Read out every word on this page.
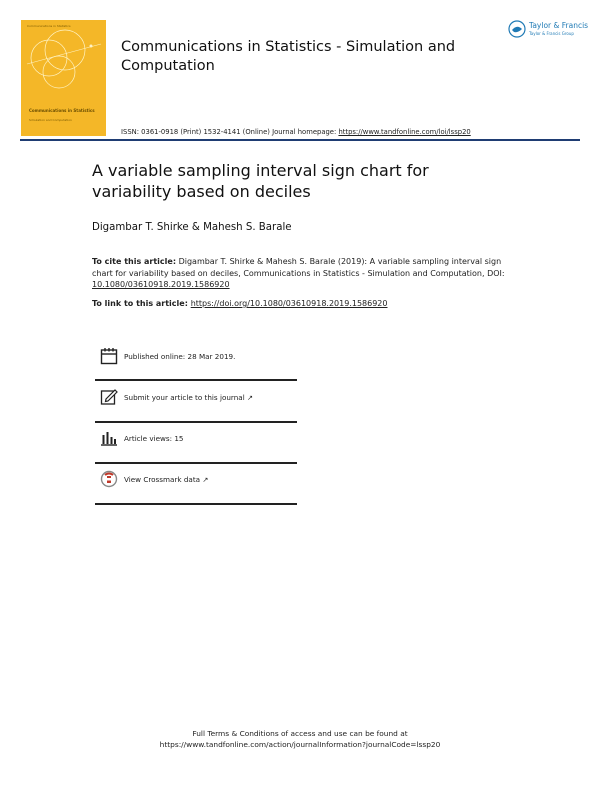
Communications in Statistics
Communications in Statistics
Simulation and Computation
Communications in Statistics - Simulation and Computation
Taylor & Francis
Taylor & Francis Group
ISSN: 0361-0918 (Print) 1532-4141 (Online) Journal homepage: https://www.tandfonline.com/loi/lssp20
A variable sampling interval sign chart for variability based on deciles
Digambar T. Shirke & Mahesh S. Barale
To cite this article: Digambar T. Shirke & Mahesh S. Barale (2019): A variable sampling interval sign chart for variability based on deciles, Communications in Statistics - Simulation and Computation, DOI: 10.1080/03610918.2019.1586920
To link to this article: https://doi.org/10.1080/03610918.2019.1586920
Published online: 28 Mar 2019.
Submit your article to this journal ↗
Article views: 15
View Crossmark data ↗
Full Terms & Conditions of access and use can be found at
https://www.tandfonline.com/action/journalInformation?journalCode=lssp20
